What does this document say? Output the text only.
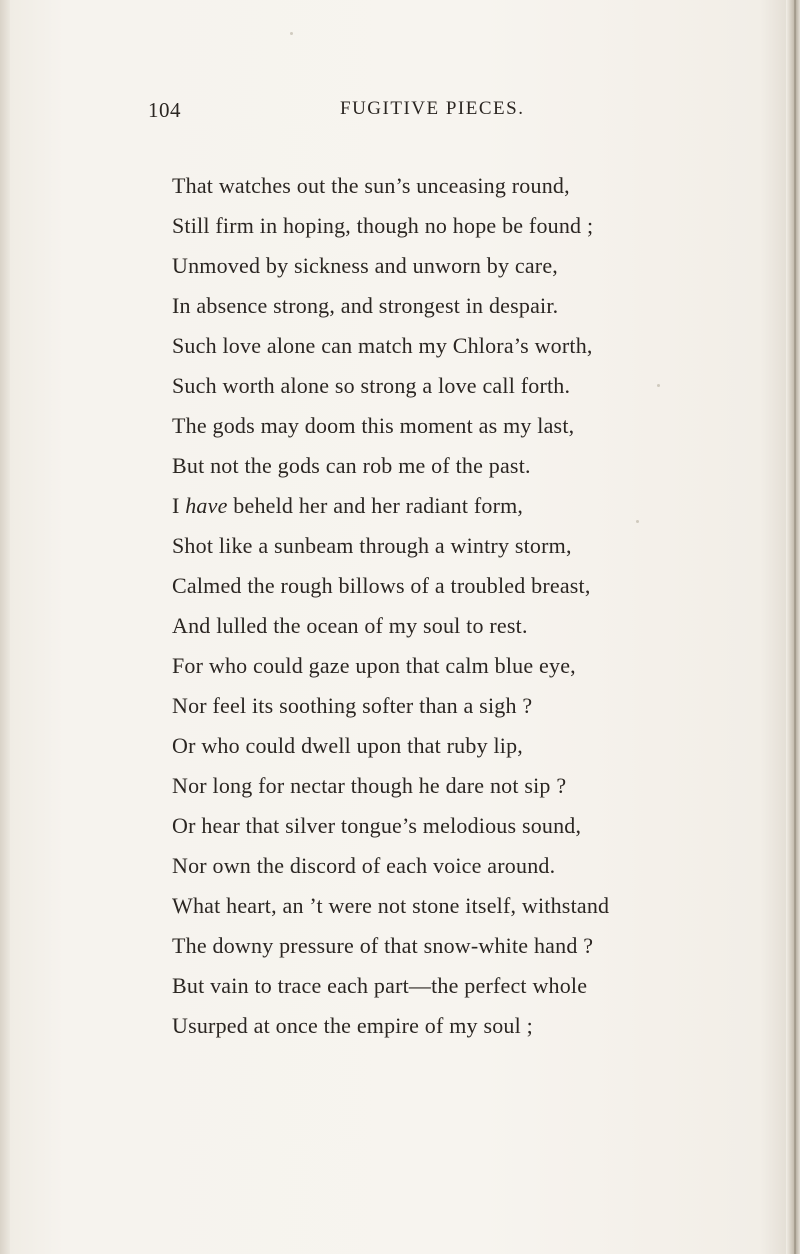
104	FUGITIVE PIECES.
That watches out the sun’s unceasing round,
Still firm in hoping, though no hope be found ;
Unmoved by sickness and unworn by care,
In absence strong, and strongest in despair.
Such love alone can match my Chlora’s worth,
Such worth alone so strong a love call forth.
The gods may doom this moment as my last,
But not the gods can rob me of the past.
I have beheld her and her radiant form,
Shot like a sunbeam through a wintry storm,
Calmed the rough billows of a troubled breast,
And lulled the ocean of my soul to rest.
For who could gaze upon that calm blue eye,
Nor feel its soothing softer than a sigh ?
Or who could dwell upon that ruby lip,
Nor long for nectar though he dare not sip ?
Or hear that silver tongue’s melodious sound,
Nor own the discord of each voice around.
What heart, an ’t were not stone itself, withstand
The downy pressure of that snow-white hand ?
But vain to trace each part—the perfect whole
Usurped at once the empire of my soul ;
